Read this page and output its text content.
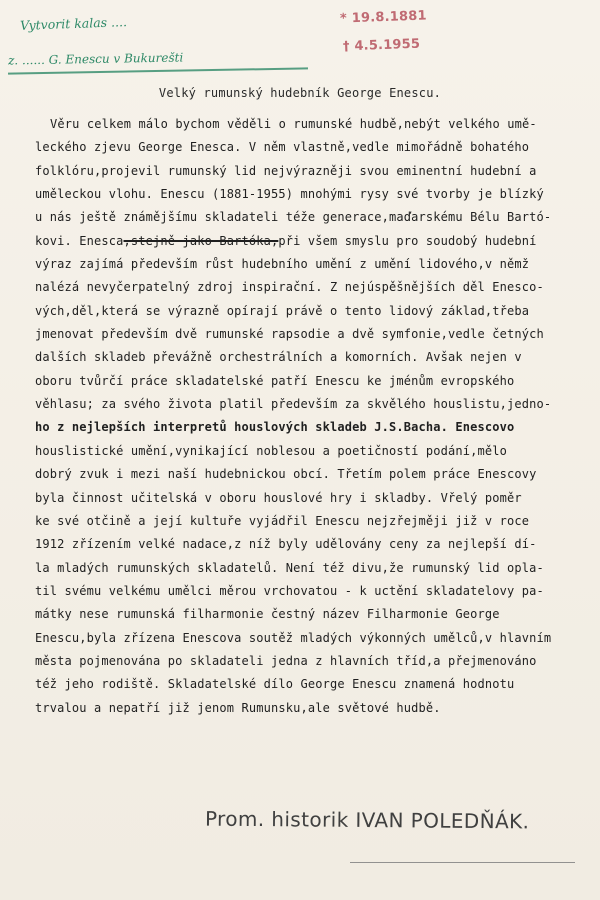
Vytvorit kalas ....
z. ...... G. Enescu v Bukurešti
* 19.8.1881
† 4.5.1955
Velký rumunský hudebník George Enescu.
Věru celkem málo bychom věděli o rumunské hudbě,nebýt velkého umě-
leckého zjevu George Enesca. V něm vlastně,vedle mimořádně bohatého
folklóru,projevil rumunský lid nejvýrazněji svou eminentní hudební a
uměleckou vlohu. Enescu (1881-1955) mnohými rysy své tvorby je blízký
u nás ještě známějšímu skladateli téže generace,maďarskému Bélu Bartó-
kovi. Enesca,stejně jako Bartóka,při všem smyslu pro soudobý hudební
výraz zajímá především růst hudebního umění z umění lidového,v němž
nalézá nevyčerpatelný zdroj inspirační. Z nejúspěšnějších děl Enesco-
vých,děl,která se výrazně opírají právě o tento lidový základ,třeba
jmenovat především dvě rumunské rapsodie a dvě symfonie,vedle četných
dalších skladeb převážně orchestrálních a komorních. Avšak nejen v
oboru tvůrčí práce skladatelské patří Enescu ke jménům evropského
věhlasu; za svého života platil především za skvělého houslistu,jedno-
ho z nejlepších interpretů houslových skladeb J.S.Bacha. Enescovo
houslistické umění,vynikající noblesou a poetičností podání,mělo
dobrý zvuk i mezi naší hudebnickou obcí. Třetím polem práce Enescovy
byla činnost učitelská v oboru houslové hry i skladby. Vřelý poměr
ke své otčině a její kultuře vyjádřil Enescu nejzřejměji již v roce
1912 zřízením velké nadace,z níž byly udělovány ceny za nejlepší dí-
la mladých rumunských skladatelů. Není též divu,že rumunský lid opla-
til svému velkému umělci měrou vrchovatou - k uctění skladatelovy pa-
mátky nese rumunská filharmonie čestný název Filharmonie George
Enescu,byla zřízena Enescova soutěž mladých výkonných umělců,v hlavním
města pojmenována po skladateli jedna z hlavních tříd,a přejmenováno
též jeho rodiště. Skladatelské dílo George Enescu znamená hodnotu
trvalou a nepatří již jenom Rumunsku,ale světové hudbě.
Prom. historik IVAN POLEDŇÁK.
